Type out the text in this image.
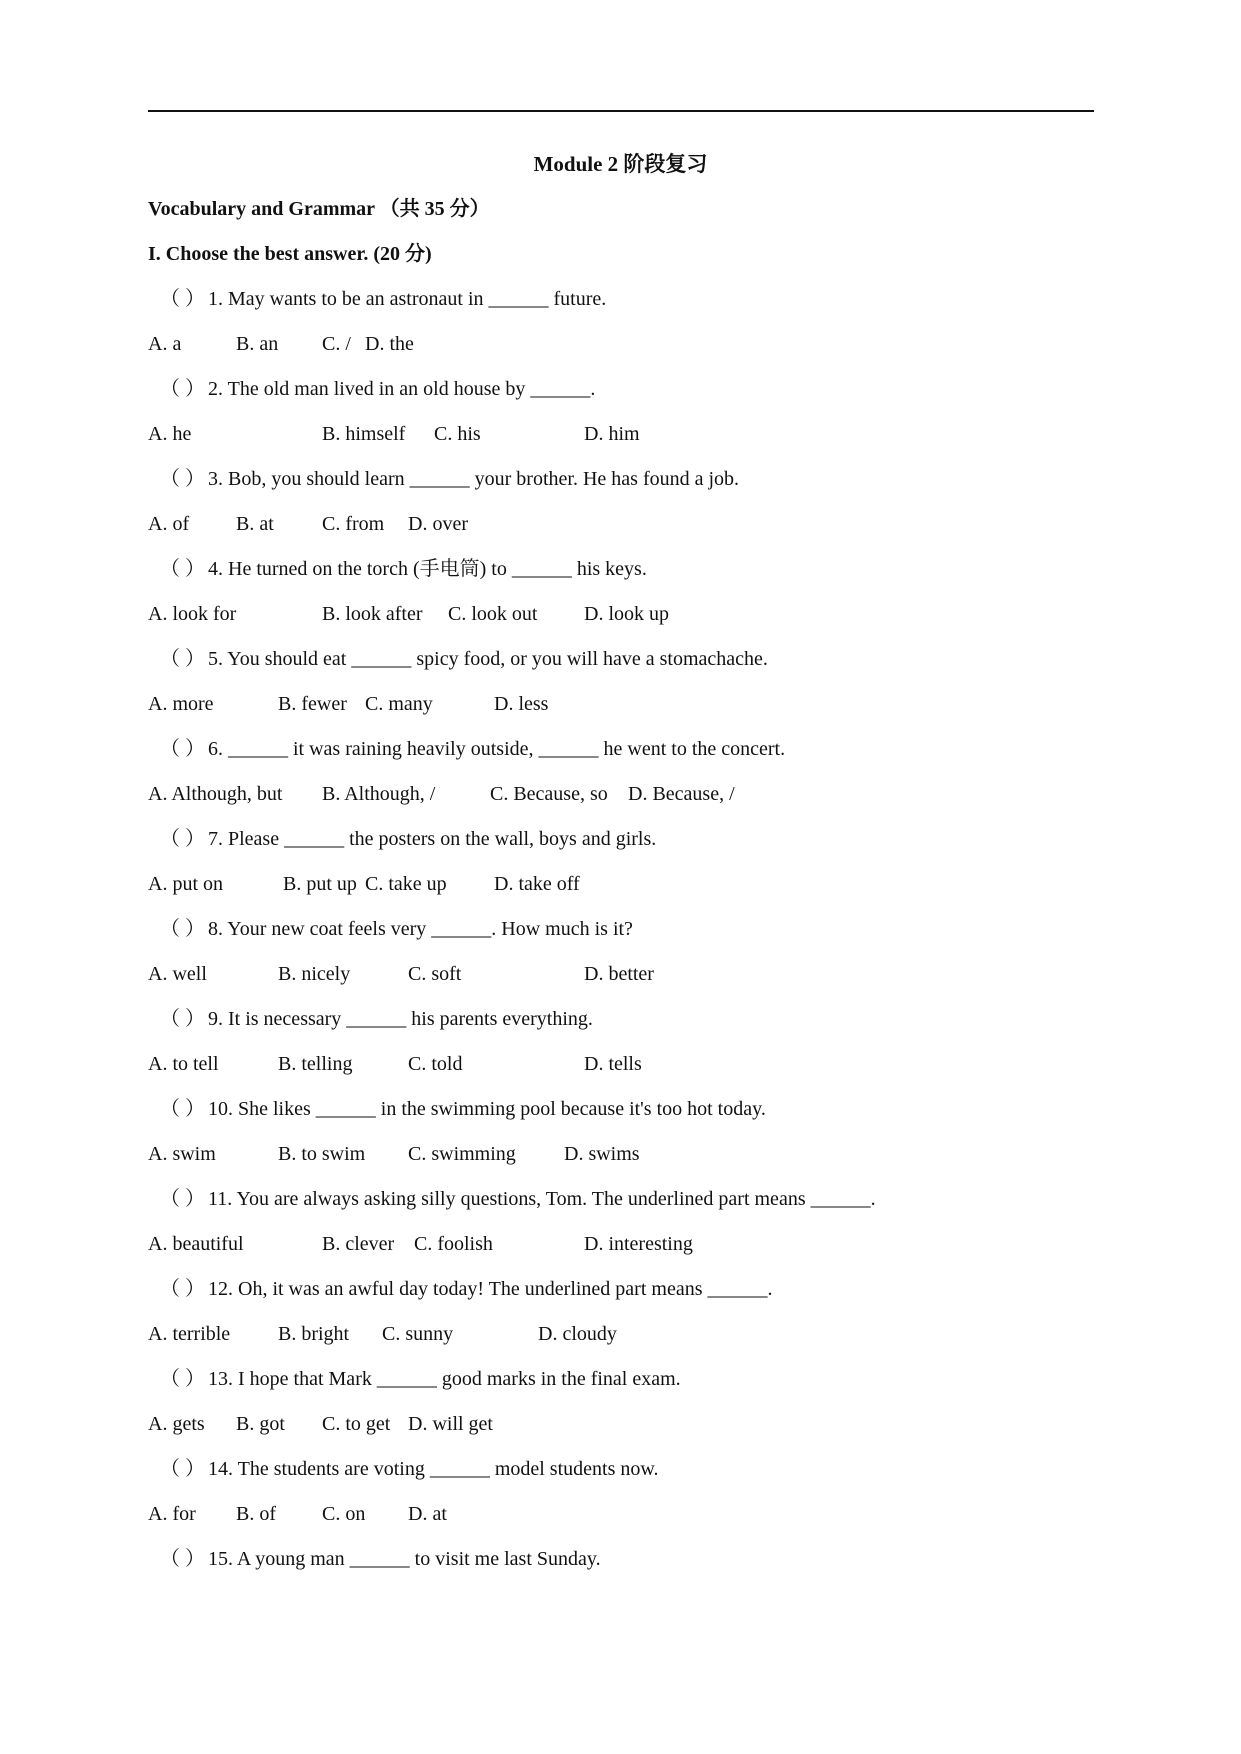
Module 2 阶段复习
Vocabulary and Grammar （共 35 分）
I. Choose the best answer. (20 分)
（ ） 1. May wants to be an astronaut in ______ future.
A. a	B. an C. / D. the
（ ） 2. The old man lived in an old house by ______.
A. he	B. himself C. his	D. him
（ ） 3. Bob, you should learn ______ your brother. He has found a job.
A. of B. at C. from D. over
（ ） 4. He turned on the torch (手电筒) to ______ his keys.
A. look for	B. look after C. look out D. look up
（ ） 5. You should eat ______ spicy food, or you will have a stomachache.
A. more	B. fewer C. many	D. less
（ ） 6. ______ it was raining heavily outside, ______ he went to the concert.
A. Although, but B. Although, /	C. Because, so D. Because, /
（ ） 7. Please ______ the posters on the wall, boys and girls.
A. put on	B. put up C. take up D. take off
（ ） 8. Your new coat feels very ______. How much is it?
A. well	B. nicely	C. soft	D. better
（ ） 9. It is necessary ______ his parents everything.
A. to tell	B. telling	C. told	D. tells
（ ） 10. She likes ______ in the swimming pool because it's too hot today.
A. swim	B. to swim C. swimming D. swims
（ ） 11. You are always asking silly questions, Tom. The underlined part means ______.
A. beautiful	B. clever C. foolish	D. interesting
（ ） 12. Oh, it was an awful day today! The underlined part means ______.
A. terrible B. bright C. sunny	D. cloudy
（ ） 13. I hope that Mark ______ good marks in the final exam.
A. gets B. got C. to get D. will get
（ ） 14. The students are voting ______ model students now.
A. for B. of C. on D. at
（ ） 15. A young man ______ to visit me last Sunday.
